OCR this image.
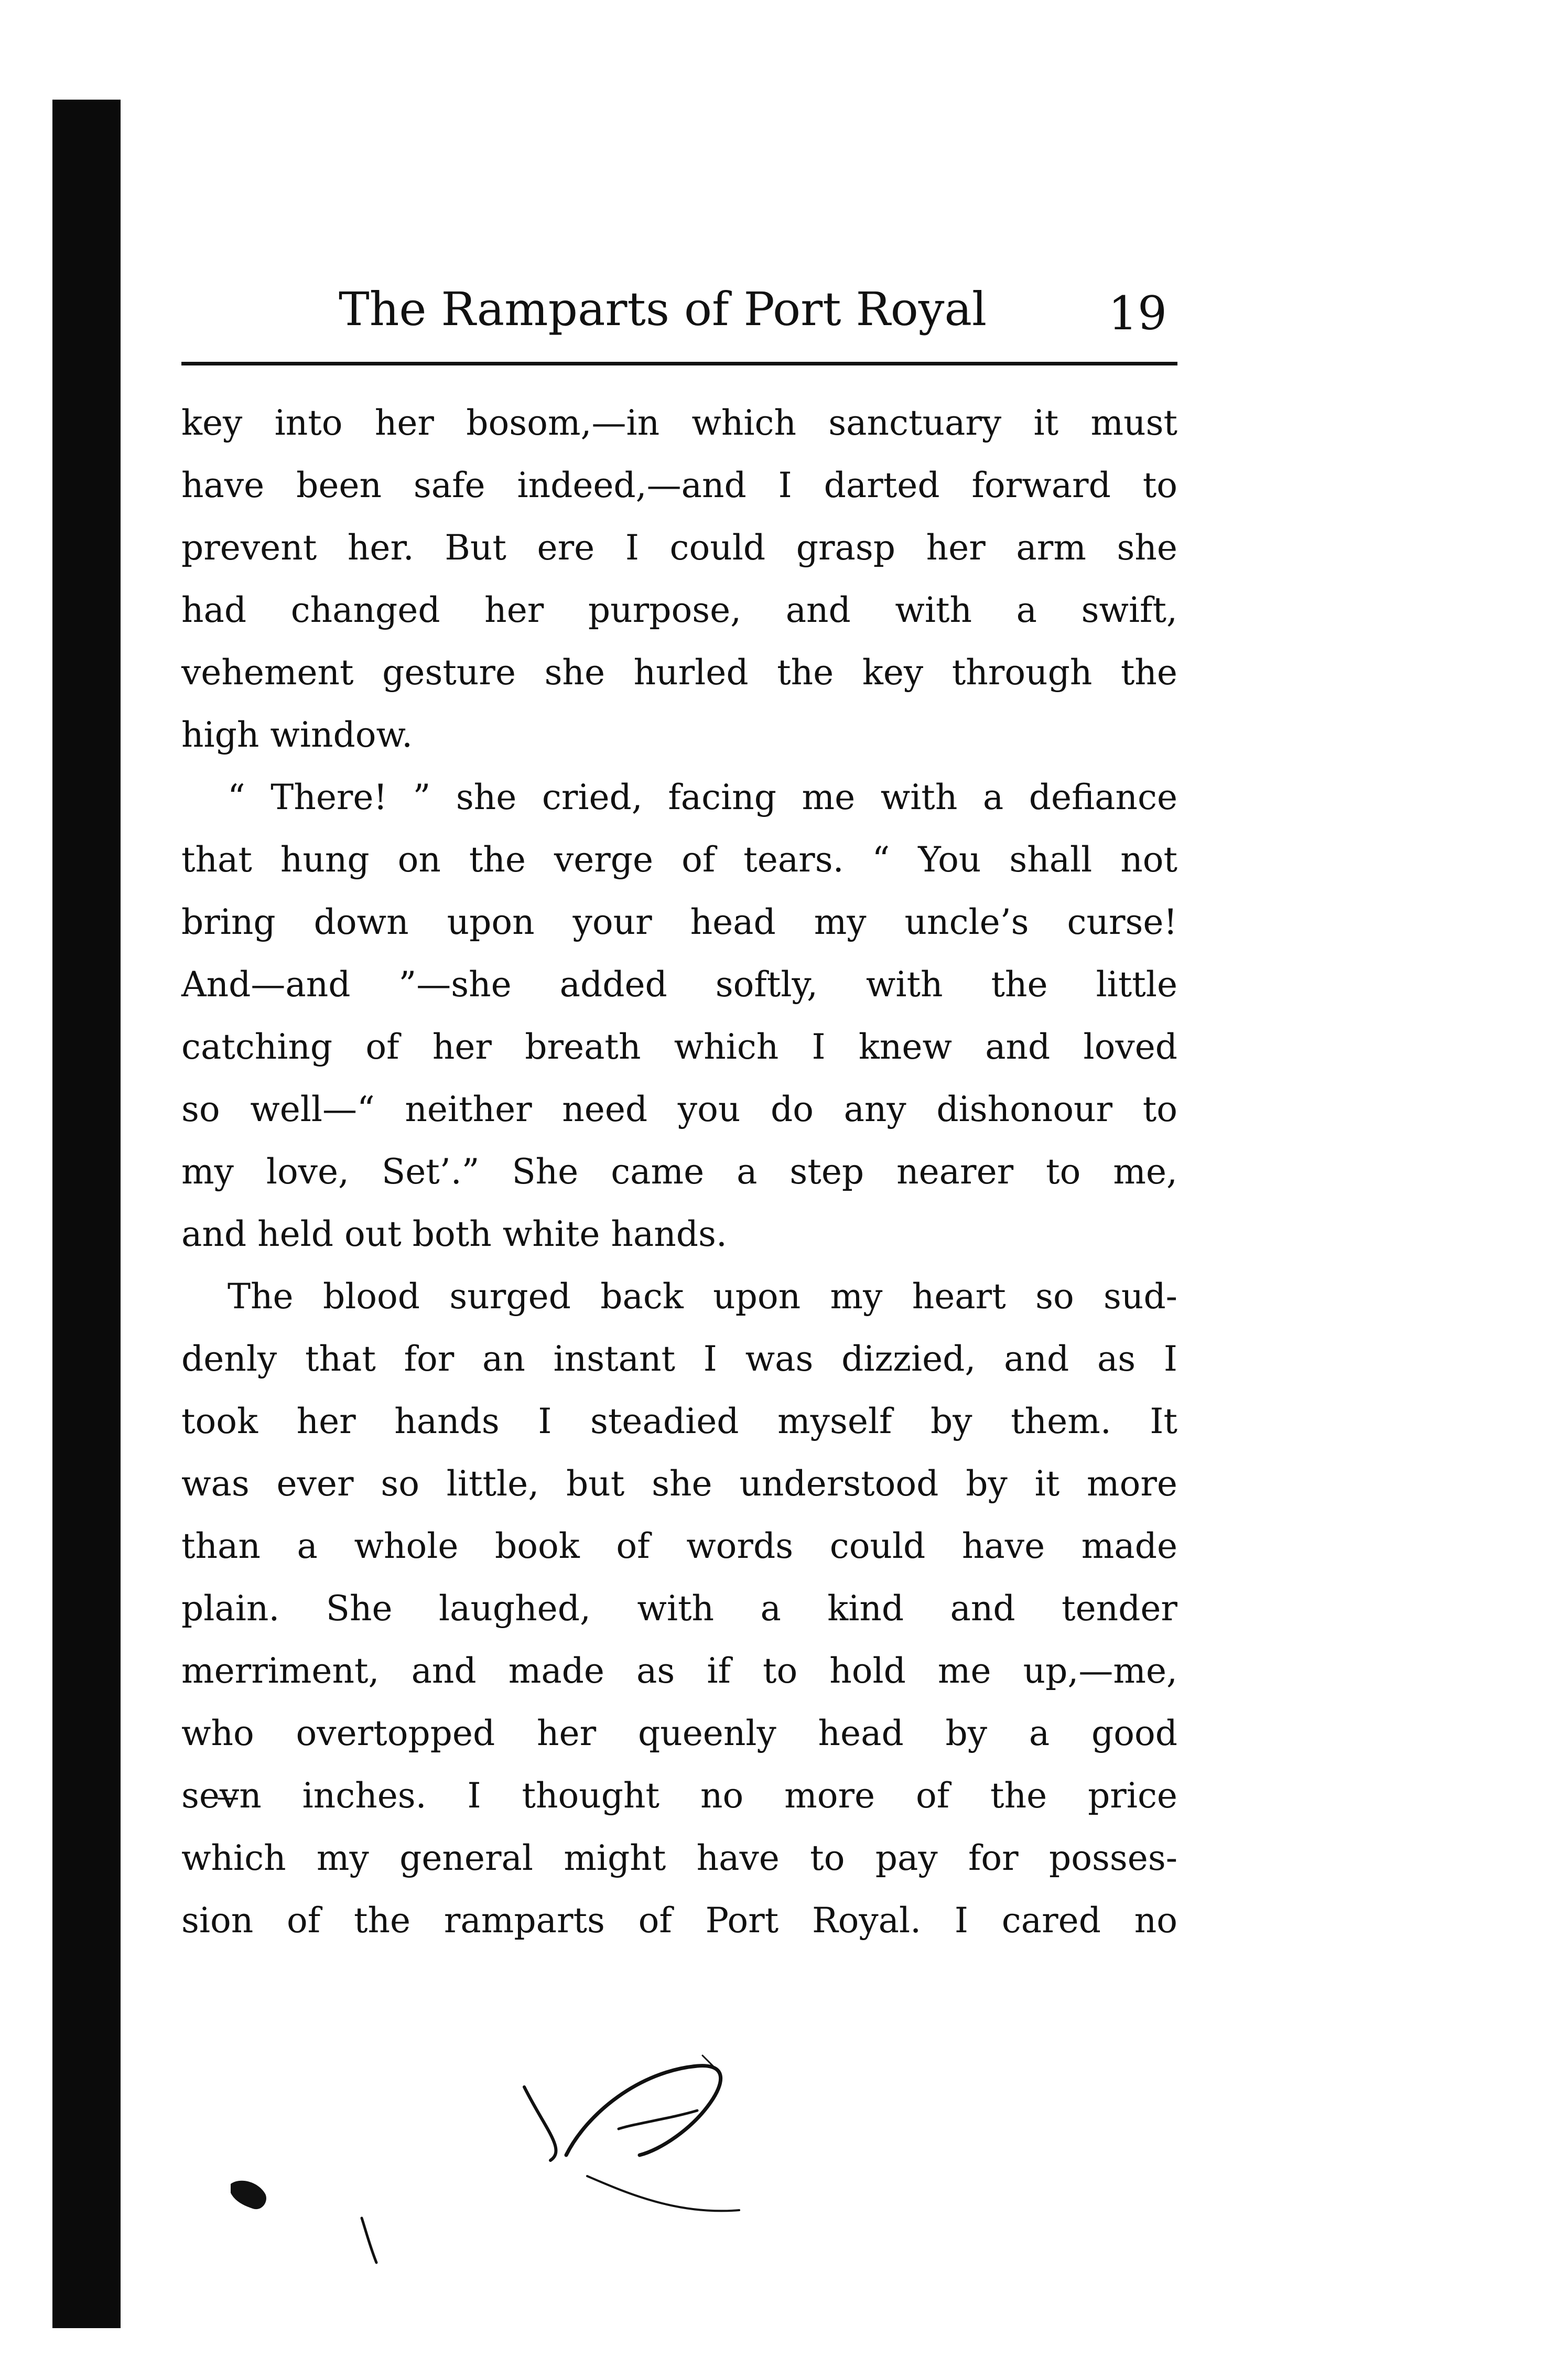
The Ramparts of Port Royal	19

key into her bosom,—in which sanctuary it must
have been safe indeed,—and I darted forward to
prevent her. But ere I could grasp her arm she
had changed her purpose, and with a swift,
vehement gesture she hurled the key through the
high window.

“ There! ” she cried, facing me with a defiance
that hung on the verge of tears. “ You shall not
bring down upon your head my uncle’s curse!
And—and ”—she added softly, with the little
catching of her breath which I knew and loved
so well—“ neither need you do any dishonour to
my love, Set’.” She came a step nearer to me,
and held out both white hands.

The blood surged back upon my heart so sud-
denly that for an instant I was dizzied, and as I
took her hands I steadied myself by them. It
was ever so little, but she understood by it more
than a whole book of words could have made
plain. She laughed, with a kind and tender
merriment, and made as if to hold me up,—me,
who overtopped her queenly head by a good
sev̶n inches. I thought no more of the price
which my general might have to pay for posses-
sion of the ramparts of Port Royal. I cared no
